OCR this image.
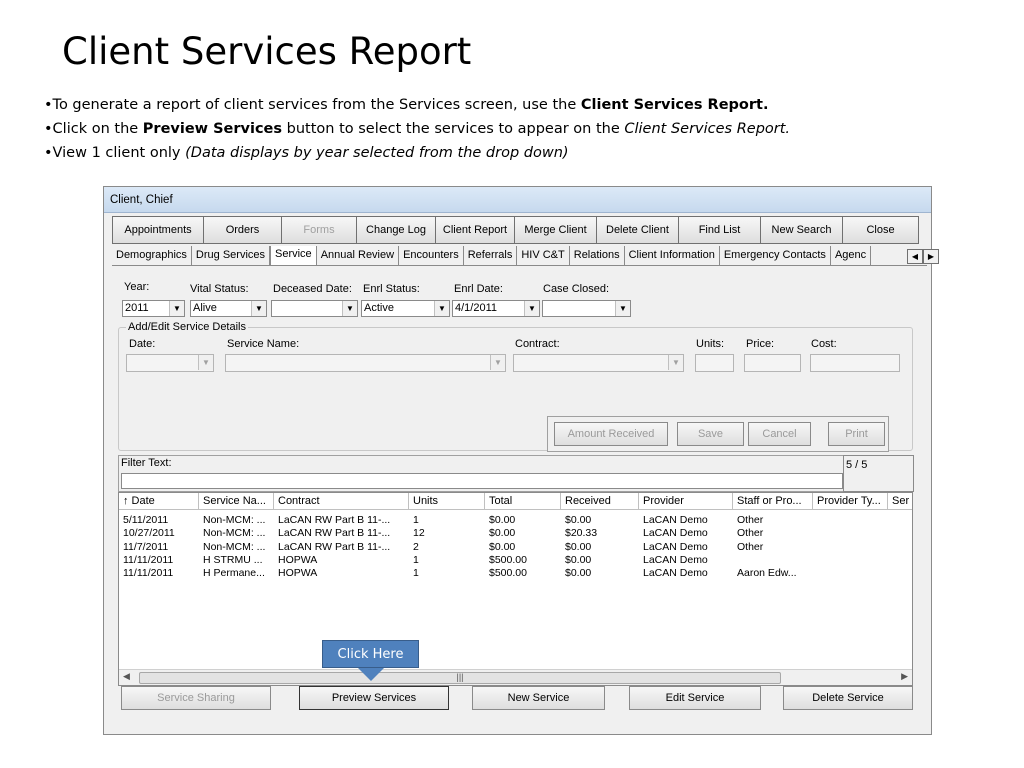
Client Services Report
•To generate a report of client services from the Services screen, use the Client Services Report.
•Click on the Preview Services button to select the services to appear on the Client Services Report.
•View 1 client only (Data displays by year selected from the drop down)
Client, Chief
Appointments	Orders	Forms	Change Log	Client Report	Merge Client	Delete Client	Find List	New Search	Close
Demographics Drug Services Service Annual Review Encounters Referrals HIV C&T Relations Client Information Emergency Contacts Agenc	◀	▶
Year:
2011	▼
Vital Status:
Alive	▼
Deceased Date:
▼
Enrl Status:
Active	▼
Enrl Date:
4/1/2011	▼
Case Closed:
▼
Add/Edit Service Details
Date:
▼
Service Name:
▼
Contract:
▼
Units: Price:	Cost:
Amount Received	Save	Cancel	Print
Filter Text:	5 / 5
↑ Date	Service Na...	Contract	Units	Total	Received	Provider	Staff or Pro...	Provider Ty...	Ser
5/11/2011	Non-MCM: ...	LaCAN RW Part B 11-...	1	$0.00	$0.00	LaCAN Demo	Other
10/27/2011	Non-MCM: ...	LaCAN RW Part B 11-...	12	$0.00	$20.33	LaCAN Demo	Other
11/7/2011	Non-MCM: ...	LaCAN RW Part B 11-...	2	$0.00	$0.00	LaCAN Demo	Other
11/11/2011	H STRMU ...	HOPWA	1	$500.00	$0.00	LaCAN Demo
11/11/2011	H Permane...	HOPWA	1	$500.00	$0.00	LaCAN Demo	Aaron Edw...
◀	|||	▶
Click Here
Service Sharing	Preview Services	New Service	Edit Service	Delete Service
